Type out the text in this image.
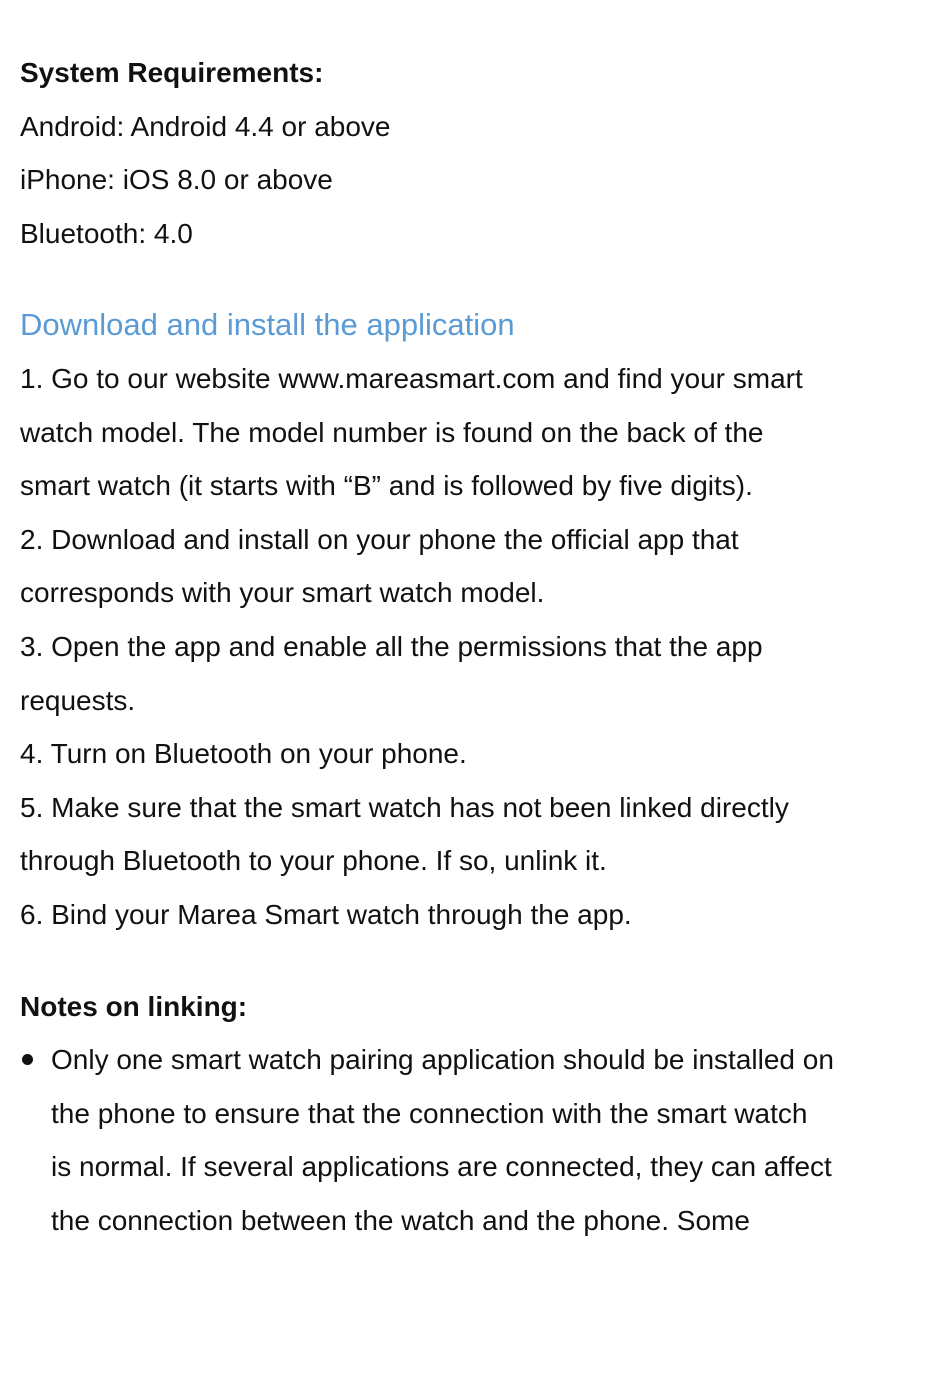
System Requirements:

Android: Android 4.4 or above

iPhone: iOS 8.0 or above

Bluetooth: 4.0

Download and install the application

1. Go to our website www.mareasmart.com and find your smart

watch model. The model number is found on the back of the

smart watch (it starts with “B” and is followed by five digits).

2. Download and install on your phone the official app that

corresponds with your smart watch model.

3. Open the app and enable all the permissions that the app

requests.

4. Turn on Bluetooth on your phone.

5. Make sure that the smart watch has not been linked directly

through Bluetooth to your phone. If so, unlink it.

6. Bind your Marea Smart watch through the app.

Notes on linking:

Only one smart watch pairing application should be installed on

the phone to ensure that the connection with the smart watch

is normal. If several applications are connected, they can affect

the connection between the watch and the phone. Some
